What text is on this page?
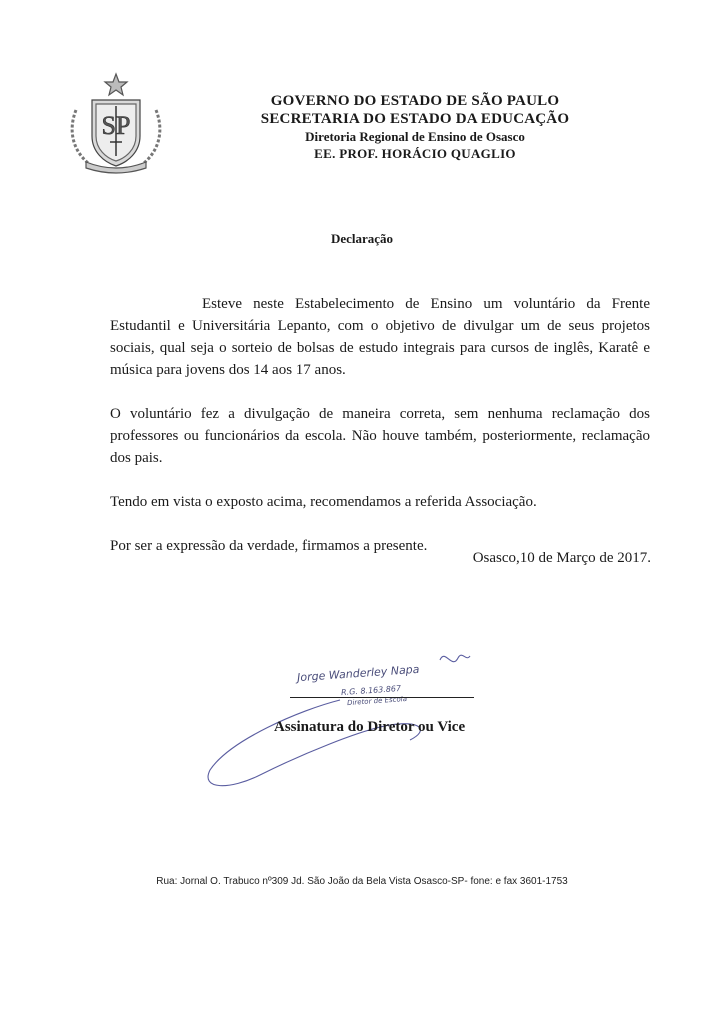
SP
GOVERNO DO ESTADO DE SÃO PAULO
SECRETARIA DO ESTADO DA EDUCAÇÃO
Diretoria Regional de Ensino de Osasco
EE. PROF. HORÁCIO QUAGLIO
Declaração

Esteve neste Estabelecimento de Ensino um voluntário da Frente Estudantil e Universitária Lepanto, com o objetivo de divulgar um de seus projetos sociais, qual seja o sorteio de bolsas de estudo integrais para cursos de inglês, Karatê e música para jovens dos 14 aos 17 anos.

O voluntário fez a divulgação de maneira correta, sem nenhuma reclamação dos professores ou funcionários da escola. Não houve também, posteriormente, reclamação dos pais.

Tendo em vista o exposto acima, recomendamos a referida Associação.

Por ser a expressão da verdade, firmamos a presente.

Osasco,10 de Março de 2017.
Jorge Wanderley Napa
R.G. 8.163.867
Diretor de Escola
Assinatura do Diretor ou Vice
Rua: Jornal O. Trabuco nº309 Jd. São João da Bela Vista Osasco-SP- fone: e fax 3601-1753
